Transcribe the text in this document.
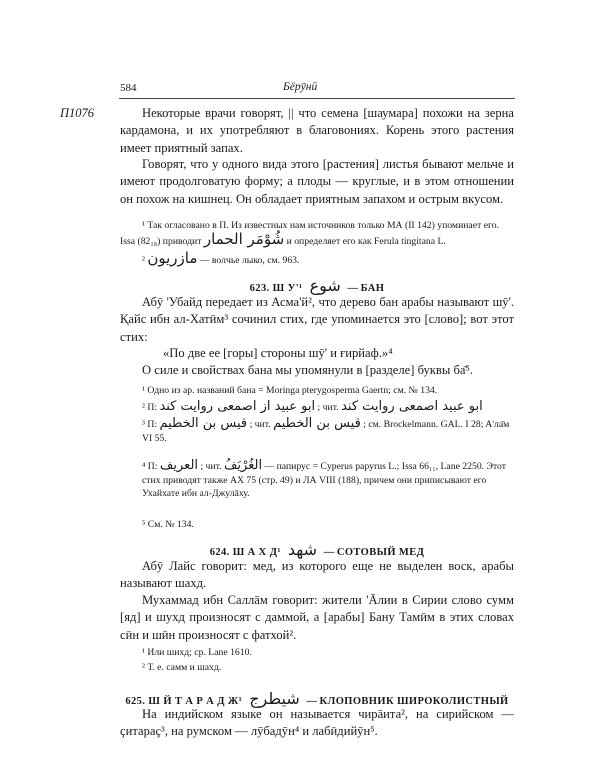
584	Бёрӯнӣ
П1076	Некоторые врачи говорят, || что семена [шаумара] похожи на зерна кардамона, и их употребляют в благовониях. Корень этого растения имеет приятный запах.
Говорят, что у одного вида этого [растения] листья бывают мельче и имеют продолговатую форму; а плоды — круглые, и в этом отношении он похож на кишнец. Он обладает приятным запахом и острым вкусом.
¹ Так огласовано в П. Из известных нам источников только МА (II 142) упоминает его. Issa (82₁₈) приводит شُوْمَر الحمار и определяет его как Ferula tingitana L.
² مازريون — волчье лыко, см. 963.
623. Ш У'¹ شوع — БАН
Абӯ 'Убайд передает из Асма'й², что дерево бан арабы называют шӯ'. Қайс ибн ал-Хатӣм³ сочинил стих, где упоминается это [слово]; вот этот стих:
«По две ее [горы] стороны шӯ' и ғирйаф.»⁴
О силе и свойствах бана мы упомянули в [разделе] буквы ба̄⁵.
¹ Одно из ар. названий бана = Moringa pterygosperma Gaertn; см. № 134.
² П: ابو عبيد از اصمعى روايت كند ; чит. ابو عبيد اصمعى روايت كند
³ П: قيس بن الخطيم ; чит. قيس بن الخطيم ; см. Brockelmann. GAL. I 28; A'ла̄м VI 55.
⁴ П: العريف ; чит. الغُرْيَفُ — папирус = Cyperus papyrus L.; Issa 66₁₁, Lane 2250. Этот стих приводят также АХ 75 (стр. 49) и ЛА VIII (188), причем они приписывают его Ухайхате ибн ал-Джулāху.
⁵ См. № 134.
624. Ш А Х Д¹ شهد — СОТОВЫЙ МЕД
Абӯ Лайс говорит: мед, из которого еще не выделен воск, арабы называют шахд.
Мухаммад ибн Саллāм говорит: жители 'Āлии в Сирии слово сумм [яд] и шухд произносят с даммой, а [арабы] Бану Тамӣм в этих словах сӣн и шӣн произносят с фатхой².
¹ Или шихд; ср. Lane 1610.
² Т. е. самм и шахд.
625. Ш Й Т А Р А Д Ж¹ شيطرج — КЛОПОВНИК ШИРОКОЛИСТНЫЙ
На индийском языке он называется чирāита², на сирийском — ҫитараҫ³, на румском — лӯбадӯн⁴ и лабӣдийӯн⁵.
